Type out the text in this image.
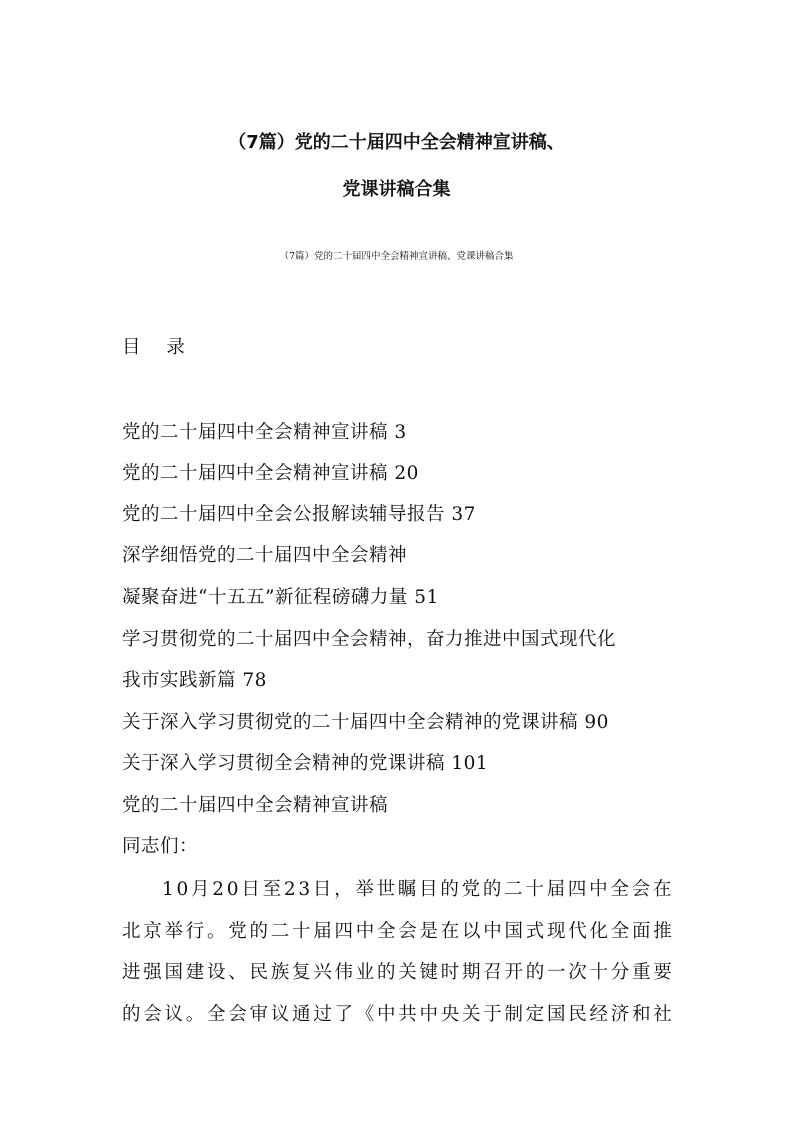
（7篇）党的二十届四中全会精神宣讲稿、
党课讲稿合集
（7篇）党的二十届四中全会精神宣讲稿、党课讲稿合集
目 录
党的二十届四中全会精神宣讲稿 3
党的二十届四中全会精神宣讲稿 20
党的二十届四中全会公报解读辅导报告 37
深学细悟党的二十届四中全会精神
凝聚奋进“十五五”新征程磅礴力量 51
学习贯彻党的二十届四中全会精神，奋力推进中国式现代化
我市实践新篇 78
关于深入学习贯彻党的二十届四中全会精神的党课讲稿 90
关于深入学习贯彻全会精神的党课讲稿 101
党的二十届四中全会精神宣讲稿
同志们：
10月20日至23日，举世瞩目的党的二十届四中全会在
北京举行。党的二十届四中全会是在以中国式现代化全面推
进强国建设、民族复兴伟业的关键时期召开的一次十分重要
的会议。全会审议通过了《中共中央关于制定国民经济和社
